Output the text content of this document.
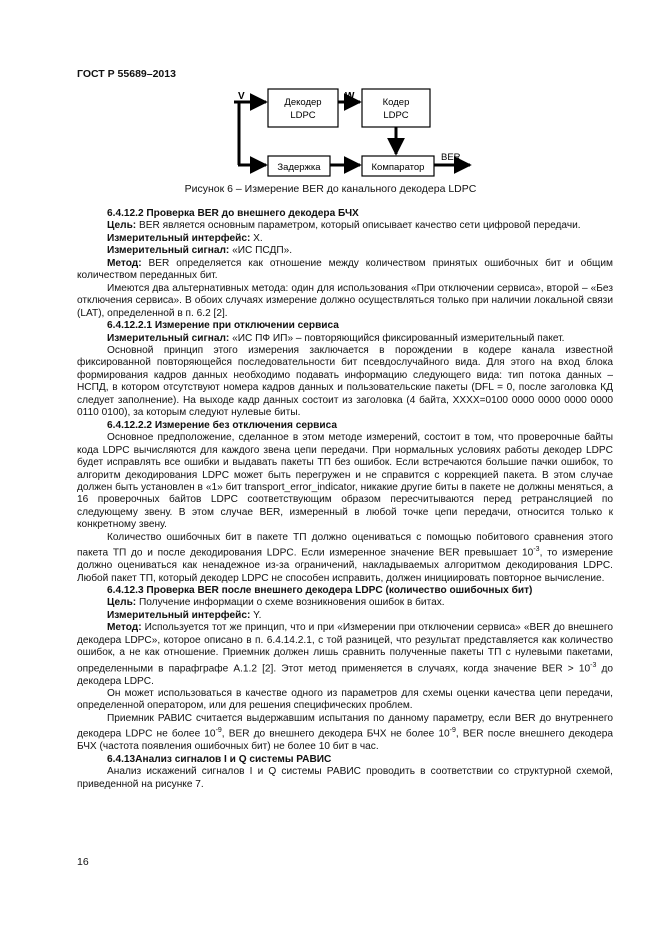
ГОСТ Р 55689–2013
V
Декодер
LDPC
W
Кодер
LDPC
Задержка	Компаратор
BER
Рисунок 6 – Измерение BER до канального декодера LDPC

6.4.12.2 Проверка BER до внешнего декодера БЧХ

Цель: BER является основным параметром, который описывает качество сети цифровой передачи.

Измерительный интерфейс: X.

Измерительный сигнал: «ИС ПСДП».

Метод: BER определяется как отношение между количеством принятых ошибочных бит и общим количеством переданных бит.

Имеются два альтернативных метода: один для использования «При отключении сервиса», второй – «Без отключения сервиса». В обоих случаях измерение должно осуществляться только при наличии локальной связи (LAT), определенной в п. 6.2 [2].

6.4.12.2.1 Измерение при отключении сервиса

Измерительный сигнал: «ИС ПФ ИП» – повторяющийся фиксированный измерительный пакет.

Основной принцип этого измерения заключается в порождении в кодере канала известной фиксированной повторяющейся последовательности бит псевдослучайного вида. Для этого на вход блока формирования кадров данных необходимо подавать информацию следующего вида: тип потока данных – НСПД, в котором отсутствуют номера кадров данных и пользовательские пакеты (DFL = 0, после заголовка КД следует заполнение). На выходе кадр данных состоит из заголовка (4 байта, XXXX=0100 0000 0000 0000 0000 0110 0100), за которым следуют нулевые биты.

6.4.12.2.2 Измерение без отключения сервиса

Основное предположение, сделанное в этом методе измерений, состоит в том, что проверочные байты кода LDPC вычисляются для каждого звена цепи передачи. При нормальных условиях работы декодер LDPC будет исправлять все ошибки и выдавать пакеты ТП без ошибок. Если встречаются большие пачки ошибок, то алгоритм декодирования LDPC может быть перегружен и не справится с коррекцией пакета. В этом случае должен быть установлен в «1» бит transport_error_indicator, никакие другие биты в пакете не должны меняться, а 16 проверочных байтов LDPC соответствующим образом пересчитываются перед ретрансляцией по следующему звену. В этом случае BER, измеренный в любой точке цепи передачи, относится только к конкретному звену.

Количество ошибочных бит в пакете ТП должно оцениваться с помощью побитового сравнения этого пакета ТП до и после декодирования LDPC. Если измеренное значение BER превышает $10^{-3}$, то измерение должно оцениваться как ненадежное из-за ограничений, накладываемых алгоритмом декодирования LDPC. Любой пакет ТП, который декодер LDPC не способен исправить, должен инициировать повторное вычисление.

6.4.12.3 Проверка BER после внешнего декодера LDPC (количество ошибочных бит)

Цель: Получение информации о схеме возникновения ошибок в битах.

Измерительный интерфейс: Y.

Метод: Используется тот же принцип, что и при «Измерении при отключении сервиса» «BER до внешнего декодера LDPC», которое описано в п. 6.4.14.2.1, с той разницей, что результат представляется как количество ошибок, а не как отношение. Приемник должен лишь сравнить полученные пакеты ТП с нулевыми пакетами, определенными в парафграфе А.1.2 [2]. Этот метод применяется в случаях, когда значение BER > $10^{-3}$ до декодера LDPC.

Он может использоваться в качестве одного из параметров для схемы оценки качества цепи передачи, определенной оператором, или для решения специфических проблем.

Приемник РАВИС считается выдержавшим испытания по данному параметру, если BER до внутреннего декодера LDPC не более $10^{-9}$, BER до внешнего декодера БЧХ не более $10^{-9}$, BER после внешнего декодера БЧХ (частота появления ошибочных бит) не более 10 бит в час.

6.4.13Анализ сигналов I и Q системы РАВИС

Анализ искажений сигналов I и Q системы РАВИС проводить в соответствии со структурной схемой, приведенной на рисунке 7.

16
